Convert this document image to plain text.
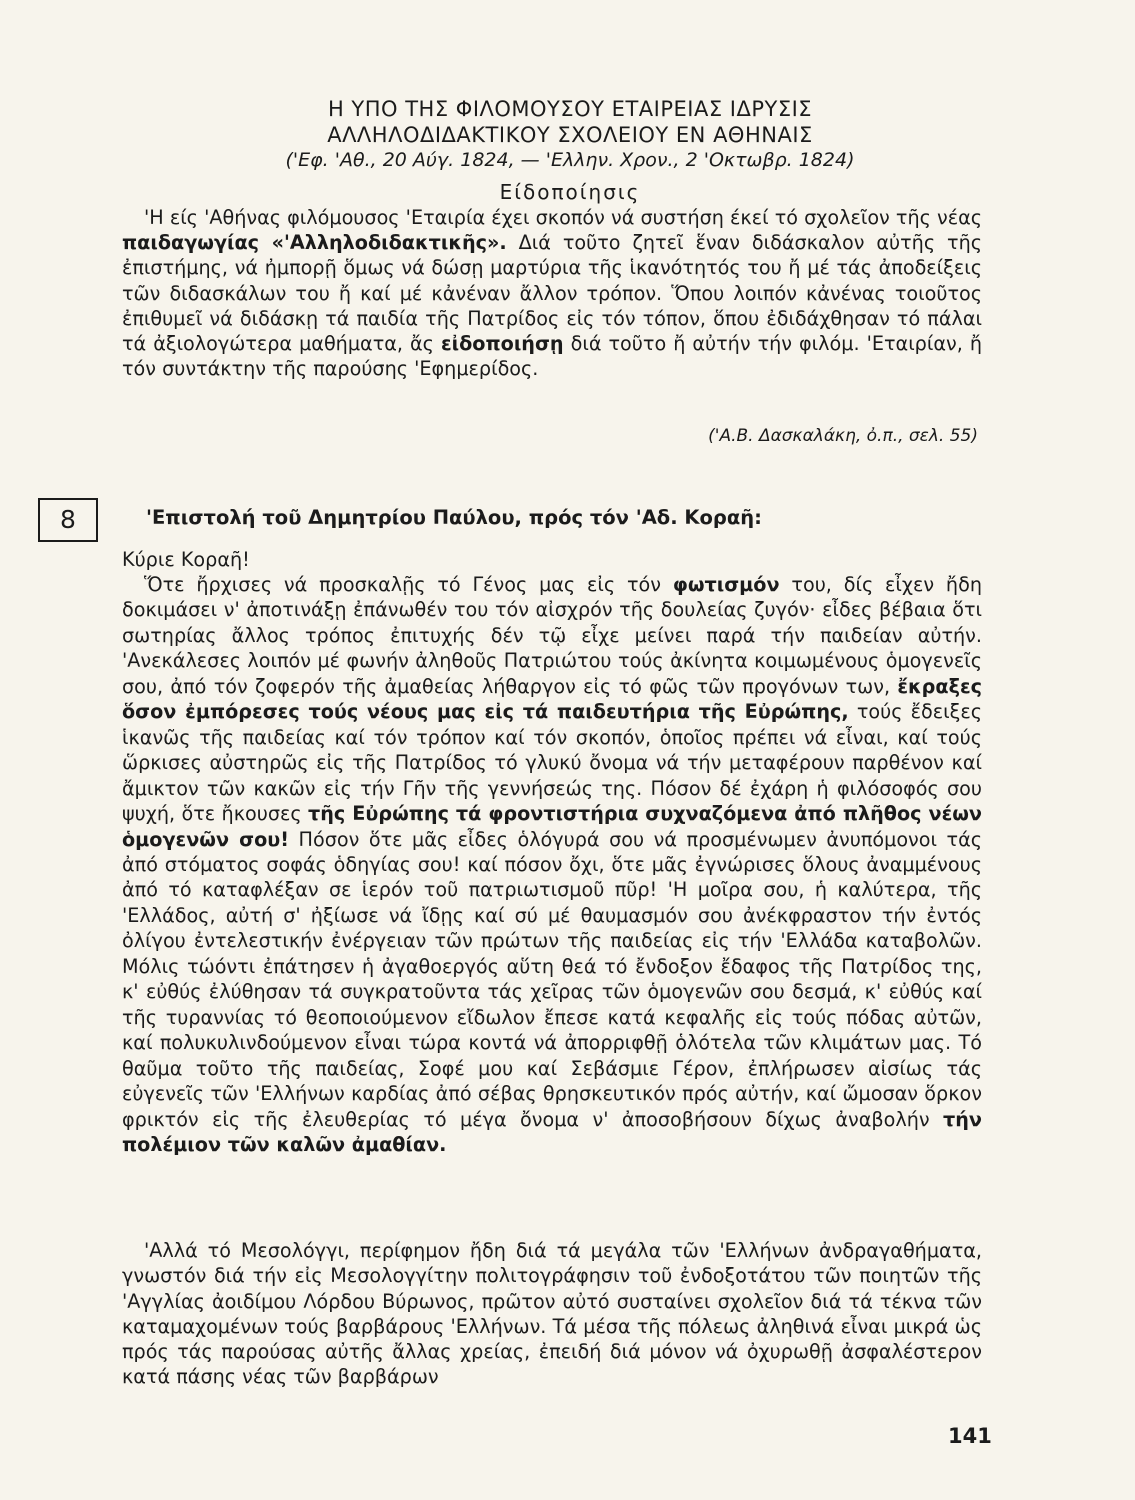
Η ΥΠΟ ΤΗΣ ΦΙΛΟΜΟΥΣΟΥ ΕΤΑΙΡΕΙΑΣ ΙΔΡΥΣΙΣ
ΑΛΛΗΛΟΔΙΔΑΚΤΙΚΟΥ ΣΧΟΛΕΙΟΥ ΕΝ ΑΘΗΝΑΙΣ
('Εφ. 'Αθ., 20 Αύγ. 1824, — 'Ελλην. Χρον., 2 'Οκτωβρ. 1824)
Είδοποίησις
'Η είς 'Αθήνας φιλόμουσος 'Εταιρία έχει σκοπόν νά συστήση έκεί τό σχολεῖον τῆς νέας παιδαγωγίας «'Αλληλοδιδακτικῆς». Διά τοῦτο ζητεῖ ἕναν διδάσκαλον αὐτῆς τῆς ἐπιστήμης, νά ἠμπορῇ ὅμως νά δώσῃ μαρτύρια τῆς ἱκανότητός του ἤ μέ τάς ἀποδείξεις τῶν διδασκάλων του ἤ καί μέ κἀνέναν ἄλλον τρόπον. Ὅπου λοιπόν κἀνένας τοιοῦτος ἐπιθυμεῖ νά διδάσκῃ τά παιδία τῆς Πατρίδος εἰς τόν τόπον, ὅπου ἐδιδάχθησαν τό πάλαι τά ἀξιολογώτερα μαθήματα, ἄς εἰδοποιήσῃ διά τοῦτο ἤ αὐτήν τήν φιλόμ. 'Εταιρίαν, ἤ τόν συντάκτην τῆς παρούσης 'Εφημερίδος.
('Α.Β. Δασκαλάκη, ὀ.π., σελ. 55)
8	'Επιστολή τοῦ Δημητρίου Παύλου, πρός τόν 'Αδ. Κοραῆ:
Κύριε Κοραῆ!
Ὅτε ἤρχισες νά προσκαλῇς τό Γένος μας εἰς τόν φωτισμόν του, δίς εἶχεν ἤδη δοκιμάσει ν' ἀποτινάξῃ ἐπάνωθέν του τόν αἰσχρόν τῆς δουλείας ζυγόν· εἶδες βέβαια ὅτι σωτηρίας ἄλλος τρόπος ἐπιτυχής δέν τῷ εἶχε μείνει παρά τήν παιδείαν αὐτήν. 'Ανεκάλεσες λοιπόν μέ φωνήν ἀληθοῦς Πατριώτου τούς ἀκίνητα κοιμωμένους ὁμογενεῖς σου, ἀπό τόν ζοφερόν τῆς ἀμαθείας λήθαργον εἰς τό φῶς τῶν προγόνων των, ἔκραξες ὅσον ἐμπόρεσες τούς νέους μας εἰς τά παιδευτήρια τῆς Εὐρώπης, τούς ἔδειξες ἱκανῶς τῆς παιδείας καί τόν τρόπον καί τόν σκοπόν, ὁποῖος πρέπει νά εἶναι, καί τούς ὥρκισες αὐστηρῶς εἰς τῆς Πατρίδος τό γλυκύ ὄνομα νά τήν μεταφέρουν παρθένον καί ἄμικτον τῶν κακῶν εἰς τήν Γῆν τῆς γεννήσεώς της. Πόσον δέ ἐχάρη ἡ φιλόσοφός σου ψυχή, ὅτε ἤκουσες τῆς Εὐρώπης τά φροντιστήρια συχναζόμενα ἀπό πλῆθος νέων ὁμογενῶν σου! Πόσον ὅτε μᾶς εἶδες ὁλόγυρά σου νά προσμένωμεν ἀνυπόμονοι τάς ἀπό στόματος σοφάς ὁδηγίας σου! καί πόσον ὄχι, ὅτε μᾶς ἐγνώρισες ὅλους ἀναμμένους ἀπό τό καταφλέξαν σε ἱερόν τοῦ πατριωτισμοῦ πῦρ! 'Η μοῖρα σου, ἡ καλύτερα, τῆς 'Ελλάδος, αὐτή σ' ἠξίωσε νά ἴδῃς καί σύ μέ θαυμασμόν σου ἀνέκφραστον τήν ἐντός ὀλίγου ἐντελεστικήν ἐνέργειαν τῶν πρώτων τῆς παιδείας εἰς τήν 'Ελλάδα καταβολῶν. Μόλις τώόντι ἐπάτησεν ἡ ἀγαθοεργός αὕτη θεά τό ἔνδοξον ἔδαφος τῆς Πατρίδος της, κ' εὐθύς ἐλύθησαν τά συγκρατοῦντα τάς χεῖρας τῶν ὁμογενῶν σου δεσμά, κ' εὐθύς καί τῆς τυραννίας τό θεοποιούμενον εἴδωλον ἔπεσε κατά κεφαλῆς εἰς τούς πόδας αὐτῶν, καί πολυκυλινδούμενον εἶναι τώρα κοντά νά ἀπορριφθῇ ὁλότελα τῶν κλιμάτων μας. Τό θαῦμα τοῦτο τῆς παιδείας, Σοφέ μου καί Σεβάσμιε Γέρον, ἐπλήρωσεν αἰσίως τάς εὐγενεῖς τῶν 'Ελλήνων καρδίας ἀπό σέβας θρησκευτικόν πρός αὐτήν, καί ὤμοσαν ὅρκον φρικτόν εἰς τῆς ἐλευθερίας τό μέγα ὄνομα ν' ἀποσοβήσουν δίχως ἀναβολήν τήν πολέμιον τῶν καλῶν ἀμαθίαν.
'Αλλά τό Μεσολόγγι, περίφημον ἤδη διά τά μεγάλα τῶν 'Ελλήνων ἀνδραγαθήματα, γνωστόν διά τήν εἰς Μεσολογγίτην πολιτογράφησιν τοῦ ἐνδοξοτάτου τῶν ποιητῶν τῆς 'Αγγλίας ἀοιδίμου Λόρδου Βύρωνος, πρῶτον αὐτό συσταίνει σχολεῖον διά τά τέκνα τῶν καταμαχομένων τούς βαρβάρους 'Ελλήνων. Τά μέσα τῆς πόλεως ἀληθινά εἶναι μικρά ὡς πρός τάς παρούσας αὐτῆς ἄλλας χρείας, ἐπειδή διά μόνον νά ὀχυρωθῇ ἀσφαλέστερον κατά πάσης νέας τῶν βαρβάρων
141
